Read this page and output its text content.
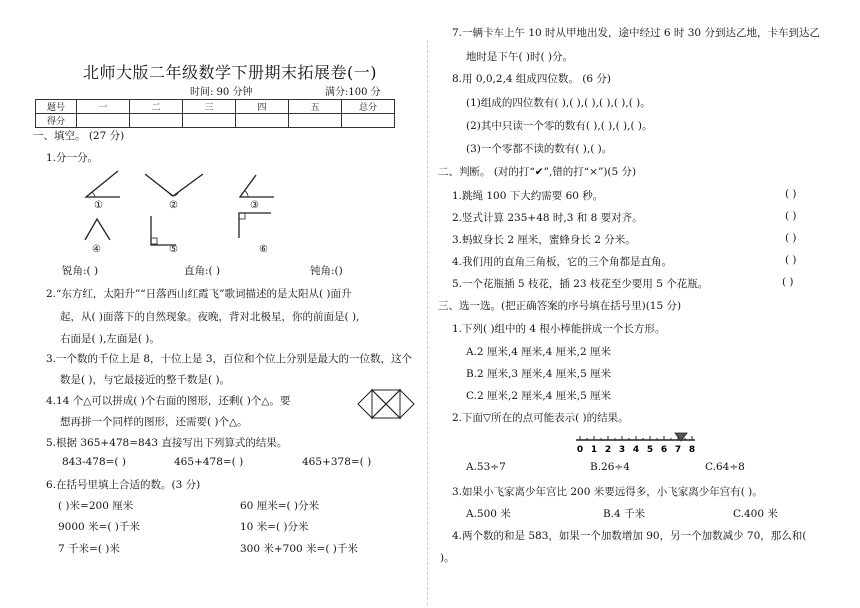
北师大版二年级数学下册期末拓展卷(一)
时间: 90 分钟	满分:100 分
题号	一	二	三	四	五	总分
得分						
一、填空。 (27 分)
1.分一分。
①	②	③
④	⑤	⑥
锐角:( )	直角:( )	钝角:()
2.“东方红，太阳升”“日落西山红霞飞”歌词描述的是太阳从( )面升
起，从( )面落下的自然现象。夜晚，背对北极星，你的前面是( ),
右面是( ),左面是( )。
3.一个数的千位上是 8，十位上是 3，百位和个位上分别是最大的一位数，这个
数是( )，与它最接近的整千数是( )。
4.14 个△可以拼成( )个右面的图形，还剩( )个△。要
想再拼一个同样的图形，还需要( )个△。
5.根据 365+478=843 直接写出下列算式的结果。
843-478=( )	465+478=( )	465+378=( )
6.在括号里填上合适的数。(3 分)
( )米=200 厘米	60 厘米=( )分米
9000 米=( )千米	10 米=( )分米
7 千米=( )米	300 米+700 米=( )千米
7.一辆卡车上午 10 时从甲地出发，途中经过 6 时 30 分到达乙地，卡车到达乙
地时是下午( )时( )分。
8.用 0,0,2,4 组成四位数。 (6 分)
(1)组成的四位数有( ),( ),( ),( ),( ),( )。
(2)其中只读一个零的数有( ),( ),( ),( )。
(3)一个零都不读的数有( ),( )。
二、判断。 (对的打“✔”,错的打“×”)(5 分)
1.跳绳 100 下大约需要 60 秒。	( )
2.竖式计算 235+48 时,3 和 8 要对齐。	( )
3.蚂蚁身长 2 厘米，蜜蜂身长 2 分米。	( )
4.我们用的直角三角板，它的三个角都是直角。	( )
5.一个花瓶插 5 枝花，插 23 枝花至少要用 5 个花瓶。	( )
三、选一选。(把正确答案的序号填在括号里)(15 分)
1.下列( )组中的 4 根小棒能拼成一个长方形。
A.2 厘米,4 厘米,4 厘米,2 厘米
B.2 厘米,3 厘米,4 厘米,5 厘米
C.2 厘米,2 厘米,4 厘米,5 厘米
2.下面▽所在的点可能表示( )的结果。
0 1 2 3 4 5 6 7 8
A.53÷7	B.26÷4	C.64÷8
3.如果小飞家离少年宫比 200 米要远得多，小飞家离少年宫有( )。
A.500 米	B.4 千米	C.400 米
4.两个数的和是 583，如果一个加数增加 90，另一个加数减少 70，那么和(
)。
